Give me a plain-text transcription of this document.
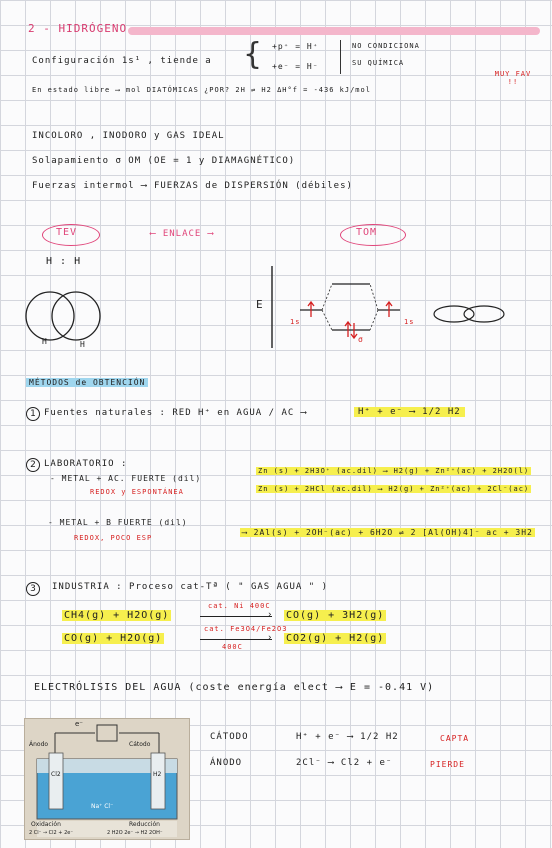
2 - HIDRÓGENO
Configuración 1s¹ , tiende a { +p⁺ = H⁺
+e⁻ = H⁻
NO CONDICIONA
SU QUÍMICA
En estado libre ⟶ mol DIATÓMICAS ¿POR? 2H ⇌ H2 ΔH°f = -436 kJ/mol
MUY FAV !!
INCOLORO , INODORO y GAS IDEAL
Solapamiento σ OM (OE = 1 y DIAMAGNÉTICO)
Fuerzas intermol ⟶ FUERZAS de DISPERSIÓN (débiles)
TEV	⟵ ENLACE ⟶	TOM
H : H
H	H
E
1s	1s
σ
MÉTODOS de OBTENCIÓN
1 Fuentes naturales : RED H⁺ en AGUA / AC ⟶	H⁺ + e⁻ ⟶ 1/2 H2
2 LABORATORIO :
- METAL + AC. FUERTE (dil)
REDOX y ESPONTÁNEA
Zn (s) + 2H3O⁺ (ac.dil) ⟶ H2(g) + Zn²⁺(ac) + 2H2O(l)
Zn (s) + 2HCl (ac.dil) ⟶ H2(g) + Zn²⁺(ac) + 2Cl⁻(ac)
- METAL + B FUERTE (dil)
REDOX, POCO ESP
⟶ 2Al(s) + 2OH⁻(ac) + 6H2O ⇌ 2 [Al(OH)4]⁻ ac + 3H2
3	INDUSTRIA : Proceso cat-Tª ( " GAS AGUA " )
CH4(g) + H2O(g)
cat. Ni 400C
› CO(g) + 3H2(g)
CO(g) + H2O(g)
cat. Fe3O4/Fe2O3
›
400C
CO2(g) + H2(g)
ELECTRÓLISIS DEL AGUA (coste energía elect ⟶ E = -0.41 V)
CÁTODO	H⁺ + e⁻ ⟶ 1/2 H2	CAPTA
ÁNODO	2Cl⁻ ⟶ Cl2 + e⁻	PIERDE
e⁻
Ánodo	Cátodo
Cl2	H2
Na⁺ Cl⁻
Oxidación	Reducción
2 Cl⁻ → Cl2 + 2e⁻	2 H2O 2e⁻ → H2 2OH⁻
